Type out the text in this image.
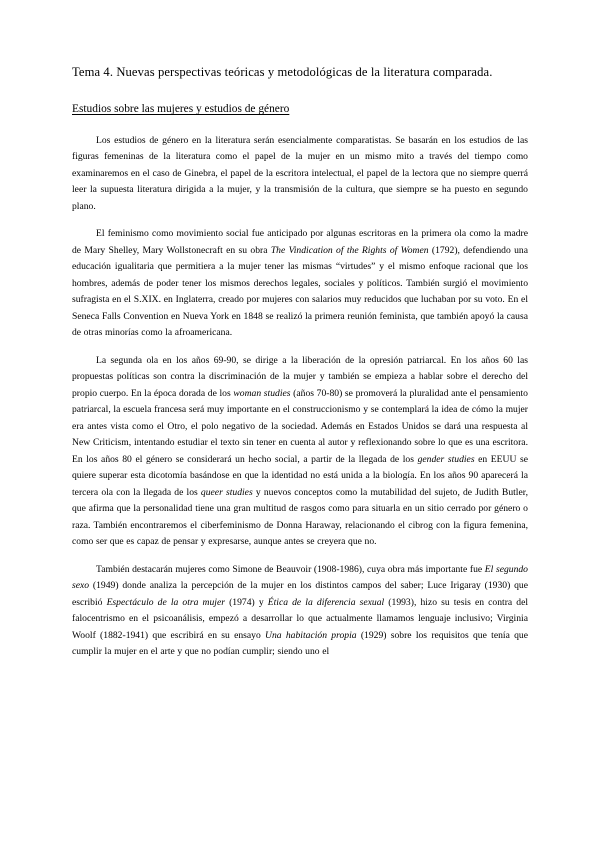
Tema 4. Nuevas perspectivas teóricas y metodológicas de la literatura comparada.
Estudios sobre las mujeres y estudios de género

Los estudios de género en la literatura serán esencialmente comparatistas. Se basarán en los estudios de las figuras femeninas de la literatura como el papel de la mujer en un mismo mito a través del tiempo como examinaremos en el caso de Ginebra, el papel de la escritora intelectual, el papel de la lectora que no siempre querrá leer la supuesta literatura dirigida a la mujer, y la transmisión de la cultura, que siempre se ha puesto en segundo plano.

El feminismo como movimiento social fue anticipado por algunas escritoras en la primera ola como la madre de Mary Shelley, Mary Wollstonecraft en su obra The Vindication of the Rights of Women (1792), defendiendo una educación igualitaria que permitiera a la mujer tener las mismas “virtudes” y el mismo enfoque racional que los hombres, además de poder tener los mismos derechos legales, sociales y políticos. También surgió el movimiento sufragista en el S.XIX. en Inglaterra, creado por mujeres con salarios muy reducidos que luchaban por su voto. En el Seneca Falls Convention en Nueva York en 1848 se realizó la primera reunión feminista, que también apoyó la causa de otras minorías como la afroamericana.

La segunda ola en los años 69-90, se dirige a la liberación de la opresión patriarcal. En los años 60 las propuestas políticas son contra la discriminación de la mujer y también se empieza a hablar sobre el derecho del propio cuerpo. En la época dorada de los woman studies (años 70-80) se promoverá la pluralidad ante el pensamiento patriarcal, la escuela francesa será muy importante en el construccionismo y se contemplará la idea de cómo la mujer era antes vista como el Otro, el polo negativo de la sociedad. Además en Estados Unidos se dará una respuesta al New Criticism, intentando estudiar el texto sin tener en cuenta al autor y reflexionando sobre lo que es una escritora. En los años 80 el género se considerará un hecho social, a partir de la llegada de los gender studies en EEUU se quiere superar esta dicotomía basándose en que la identidad no está unida a la biología. En los años 90 aparecerá la tercera ola con la llegada de los queer studies y nuevos conceptos como la mutabilidad del sujeto, de Judith Butler, que afirma que la personalidad tiene una gran multitud de rasgos como para situarla en un sitio cerrado por género o raza. También encontraremos el ciberfeminismo de Donna Haraway, relacionando el cibrog con la figura femenina, como ser que es capaz de pensar y expresarse, aunque antes se creyera que no.

También destacarán mujeres como Simone de Beauvoir (1908-1986), cuya obra más importante fue El segundo sexo (1949) donde analiza la percepción de la mujer en los distintos campos del saber; Luce Irigaray (1930) que escribió Espectáculo de la otra mujer (1974) y Ética de la diferencia sexual (1993), hizo su tesis en contra del falocentrismo en el psicoanálisis, empezó a desarrollar lo que actualmente llamamos lenguaje inclusivo; Virginia Woolf (1882-1941) que escribirá en su ensayo Una habitación propia (1929) sobre los requisitos que tenía que cumplir la mujer en el arte y que no podían cumplir; siendo uno el
